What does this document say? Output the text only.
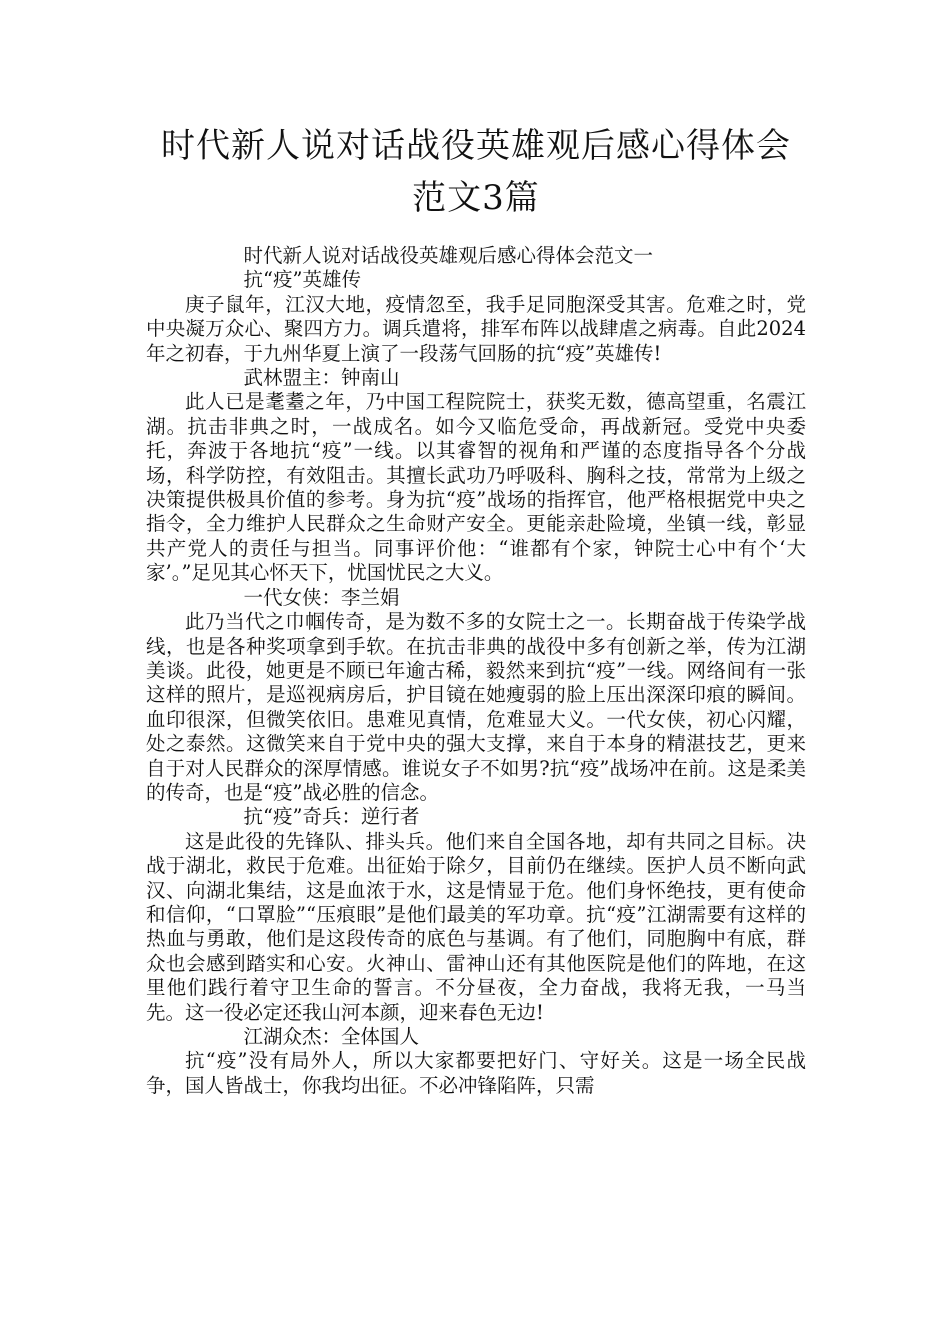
时代新人说对话战役英雄观后感心得体会
范文3篇

时代新人说对话战役英雄观后感心得体会范文一

抗“疫”英雄传

庚子鼠年，江汉大地，疫情忽至，我手足同胞深受其害。危难之时，党中央凝万众心、聚四方力。调兵遣将，排军布阵以战肆虐之病毒。自此2024年之初春，于九州华夏上演了一段荡气回肠的抗“疫”英雄传!

武林盟主：钟南山

此人已是耄耋之年，乃中国工程院院士，获奖无数，德高望重，名震江湖。抗击非典之时，一战成名。如今又临危受命，再战新冠。受党中央委托，奔波于各地抗“疫”一线。以其睿智的视角和严谨的态度指导各个分战场，科学防控，有效阻击。其擅长武功乃呼吸科、胸科之技，常常为上级之决策提供极具价值的参考。身为抗“疫”战场的指挥官，他严格根据党中央之指令，全力维护人民群众之生命财产安全。更能亲赴险境，坐镇一线，彰显共产党人的责任与担当。同事评价他：“谁都有个家，钟院士心中有个‘大家’。”足见其心怀天下，忧国忧民之大义。

一代女侠：李兰娟

此乃当代之巾帼传奇，是为数不多的女院士之一。长期奋战于传染学战线，也是各种奖项拿到手软。在抗击非典的战役中多有创新之举，传为江湖美谈。此役，她更是不顾已年逾古稀，毅然来到抗“疫”一线。网络间有一张这样的照片，是巡视病房后，护目镜在她瘦弱的脸上压出深深印痕的瞬间。血印很深，但微笑依旧。患难见真情，危难显大义。一代女侠，初心闪耀，处之泰然。这微笑来自于党中央的强大支撑，来自于本身的精湛技艺，更来自于对人民群众的深厚情感。谁说女子不如男?抗“疫”战场冲在前。这是柔美的传奇，也是“疫”战必胜的信念。

抗“疫”奇兵：逆行者

这是此役的先锋队、排头兵。他们来自全国各地，却有共同之目标。决战于湖北，救民于危难。出征始于除夕，目前仍在继续。医护人员不断向武汉、向湖北集结，这是血浓于水，这是情显于危。他们身怀绝技，更有使命和信仰，“口罩脸”“压痕眼”是他们最美的军功章。抗“疫”江湖需要有这样的热血与勇敢，他们是这段传奇的底色与基调。有了他们，同胞胸中有底，群众也会感到踏实和心安。火神山、雷神山还有其他医院是他们的阵地，在这里他们践行着守卫生命的誓言。不分昼夜，全力奋战，我将无我，一马当先。这一役必定还我山河本颜，迎来春色无边!

江湖众杰：全体国人

抗“疫”没有局外人，所以大家都要把好门、守好关。这是一场全民战争，国人皆战士，你我均出征。不必冲锋陷阵，只需
